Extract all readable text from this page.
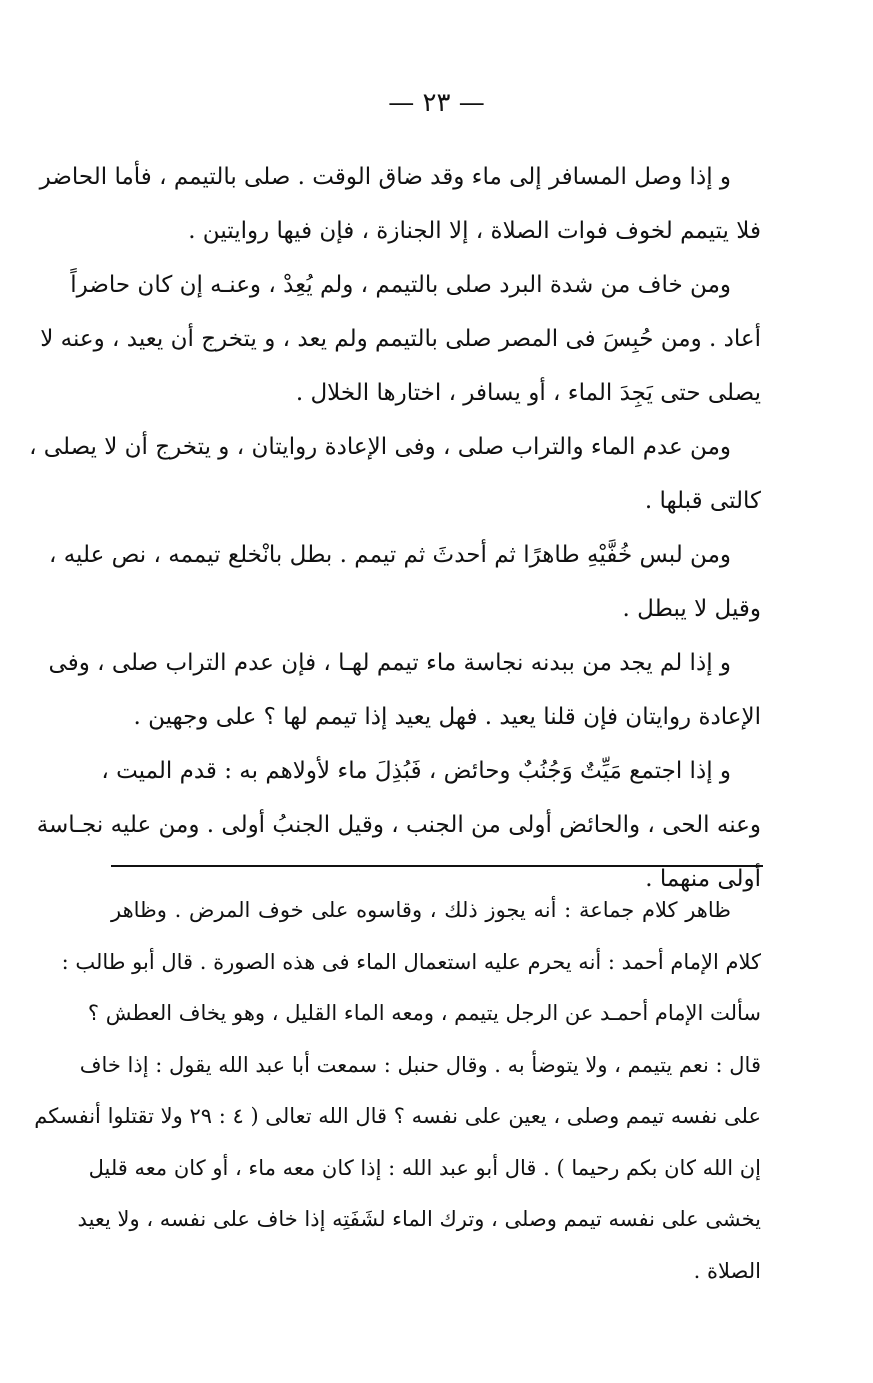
— ٢٣ —
و إذا وصل المسافر إلى ماء وقد ضاق الوقت . صلى بالتيمم ، فأما الحاضر
فلا يتيمم لخوف فوات الصلاة ، إلا الجنازة ، فإن فيها روايتين .
ومن خاف من شدة البرد صلى بالتيمم ، ولم يُعِدْ ، وعنـه إن كان حاضراً
أعاد . ومن حُبِسَ فى المصر صلى بالتيمم ولم يعد ، و يتخرج أن يعيد ، وعنه لا
يصلى حتى يَجِدَ الماء ، أو يسافر ، اختارها الخلال .
ومن عدم الماء والتراب صلى ، وفى الإعادة روايتان ، و يتخرج أن لا يصلى ،
كالتى قبلها .
ومن لبس خُفَّيْهِ طاهرًا ثم أحدثَ ثم تيمم . بطل بانْخلع تيممه ، نص عليه ،
وقيل لا يبطل .
و إذا لم يجد من ببدنه نجاسة ماء تيمم لهـا ، فإن عدم التراب صلى ، وفى
الإعادة روايتان فإن قلنا يعيد . فهل يعيد إذا تيمم لها ؟ على وجهين .
و إذا اجتمع مَيِّتٌ وَجُنُبٌ وحائض ، فَبُذِلَ ماء لأولاهم به : قدم الميت ،
وعنه الحى ، والحائض أولى من الجنب ، وقيل الجنبُ أولى . ومن عليه نجـاسة
أولى منهما .
ظاهر كلام جماعة : أنه يجوز ذلك ، وقاسوه على خوف المرض . وظاهر
كلام الإمام أحمد : أنه يحرم عليه استعمال الماء فى هذه الصورة . قال أبو طالب :
سألت الإمام أحمـد عن الرجل يتيمم ، ومعه الماء القليل ، وهو يخاف العطش ؟
قال : نعم يتيمم ، ولا يتوضأ به . وقال حنبل : سمعت أبا عبد الله يقول : إذا خاف
على نفسه تيمم وصلى ، يعين على نفسه ؟ قال الله تعالى ( ٤ : ٢٩ ولا تقتلوا أنفسكم
إن الله كان بكم رحيما ) . قال أبو عبد الله : إذا كان معه ماء ، أو كان معه قليل
يخشى على نفسه تيمم وصلى ، وترك الماء لشَفَتِه إذا خاف على نفسه ، ولا يعيد
الصلاة .
